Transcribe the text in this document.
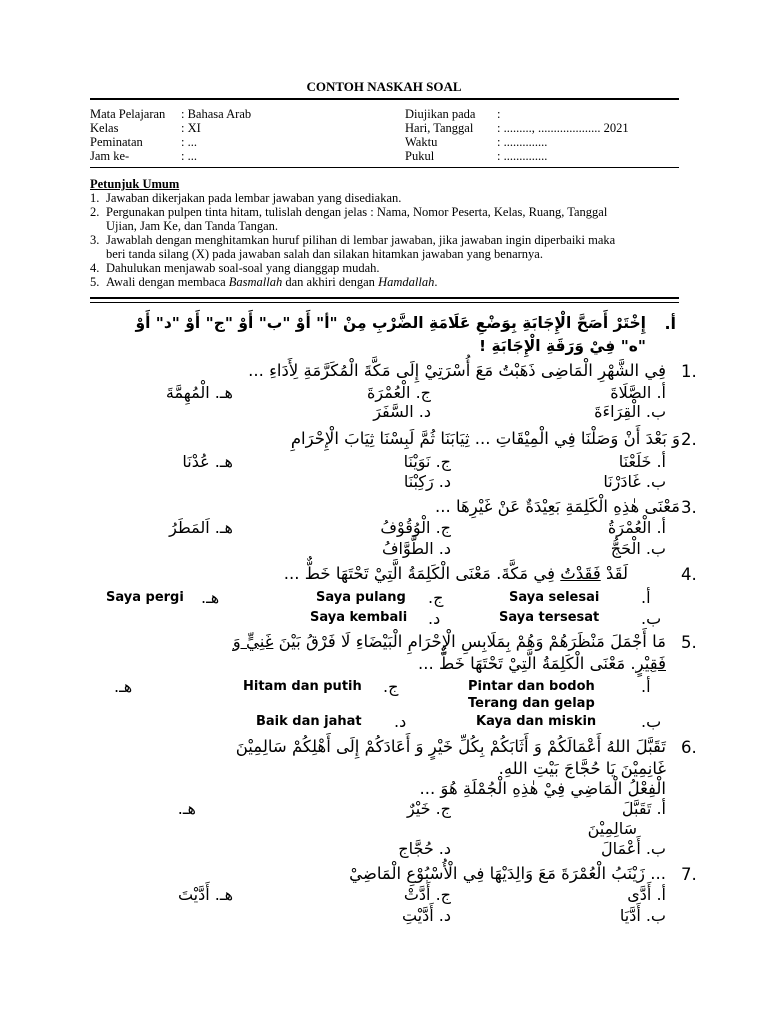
CONTOH NASKAH SOAL
Mata Pelajaran : Bahasa Arab
Kelas	: XI
Peminatan	: ...
Jam ke-	: ...
Diujikan pada :
Hari, Tanggal : ........., .................... 2021
Waktu	: ..............
Pukul	: ..............
Petunjuk Umum
1. Jawaban dikerjakan pada lembar jawaban yang disediakan.
2. Pergunakan pulpen tinta hitam, tulislah dengan jelas : Nama, Nomor Peserta, Kelas, Ruang, Tanggal
Ujian, Jam Ke, dan Tanda Tangan.
3. Jawablah dengan menghitamkan huruf pilihan di lembar jawaban, jika jawaban ingin diperbaiki maka
beri tanda silang (X) pada jawaban salah dan silakan hitamkan jawaban yang benarnya.
4. Dahulukan menjawab soal-soal yang dianggap mudah.
5. Awali dengan membaca Basmallah dan akhiri dengan Hamdallah.
أ.
إِخْتَرْ أَصَحَّ الْإِجَابَةِ بِوَضْعِ عَلَامَةِ الضَّرْبِ مِنْ "أ" أَوْ "ب" أَوْ "ج" أَوْ "د" أَوْ
"ه" فِيْ وَرَقَةِ الْإِجَابَةِ !
1.
فِي الشَّهْرِ الْمَاضِى ذَهَبْتُ مَعَ أُسْرَتِيْ إِلَى مَكَّةَ الْمُكَرَّمَةِ لِأَدَاءِ ...
أ. الصَّلَاةَ
ج. الْعُمْرَةَ
هـ. الْمُهِمَّةَ
ب. الْقِرَاءَةَ
د. السَّفَرَ
2.
وَ بَعْدَ أَنْ وَصَلْنَا فِي الْمِيْقَاتِ ... ثِيَابَنَا ثُمَّ لَبِسْنَا ثِيَابَ الْإِحْرَامِ
أ. خَلَعْنَا
ج. نَوَيْنَا
هـ. عُدْنَا
ب. غَادَرْنَا
د. رَكِبْنَا
3.
مَعْنَى هٰذِهِ الْكَلِمَةِ بَعِيْدَةٌ عَنْ غَيْرِهَا ...
أ. الْعُمْرَةُ
ج. الْوُقُوْفُ
هـ. اَلمَطَرُ
ب. الْحَجُّ
د. الطَّوَّافُ
4.
لَقَدْ فَقَدْتُ فِي مَكَّةَ. مَعْنَى الْكَلِمَةُ الَّتِيْ تَحْتَهَا خَطٌّ ...
أ.
Saya selesai
ج.
Saya pulang
هـ.
Saya pergi
ب.
Saya tersesat
د.
Saya kembali
5.
مَا أَجْمَلَ مَنْظَرَهُمْ وَهُمْ بِمَلَابِسِ الْإِحْرَامِ الْبَيْضَاءِ لَا فَرْقُ بَيْنَ غَنِيٍّ وَ
فَقِيْرٍ. مَعْنَى الْكَلِمَةُ الَّتِيْ تَحْتَهَا خَطٌّ ...
أ.
Pintar dan bodoh
ج.
Hitam dan putih
هـ.
Terang dan gelap
ب.
Kaya dan miskin
د.
Baik dan jahat
6.
تَقَبَّلَ اللهُ أَعْمَالَكُمْ وَ أَثَابَكُمْ بِكُلِّ خَيْرٍ وَ أَعَادَكُمْ إِلَى أَهْلِكُمْ سَالِمِيْنَ
غَانِمِيْنَ يَا حُجَّاجَ بَيْتِ اللهِ.
الْفِعْلُ الْمَاضِي فِيْ هٰذِهِ الْجُمْلَةِ هُوَ ...
أ. تَقَبَّلَ
ج. خَيْرٌ
هـ.
سَالِمِيْنَ
ب. أَعْمَالَ
د. حُجَّاج
7.
... زَيْنَبُ الْعُمْرَةَ مَعَ وَالِدَيْهَا فِي الْأُسْبُوْعِ الْمَاضِيْ
أ. أَدَّى
ج. أَدَّتْ
هـ. أَدَّيْتَ
ب. أَدَّيَا
د. أَدَّيْتِ
